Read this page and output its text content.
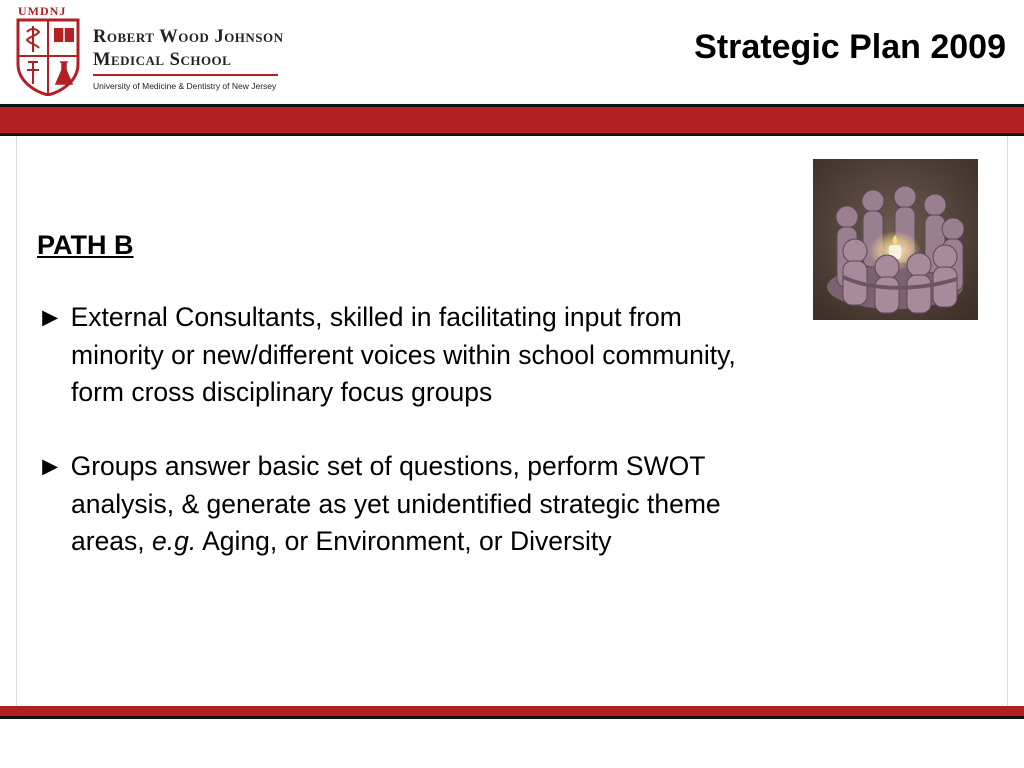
UMDNJ
Robert Wood Johnson
Medical School
University of Medicine & Dentistry of New Jersey
Strategic Plan 2009
PATH B
► External Consultants, skilled in facilitating input from
minority or new/different voices within school community,
form cross disciplinary focus groups
► Groups answer basic set of questions, perform SWOT
analysis, & generate as yet unidentified strategic theme
areas, e.g. Aging, or Environment, or Diversity
